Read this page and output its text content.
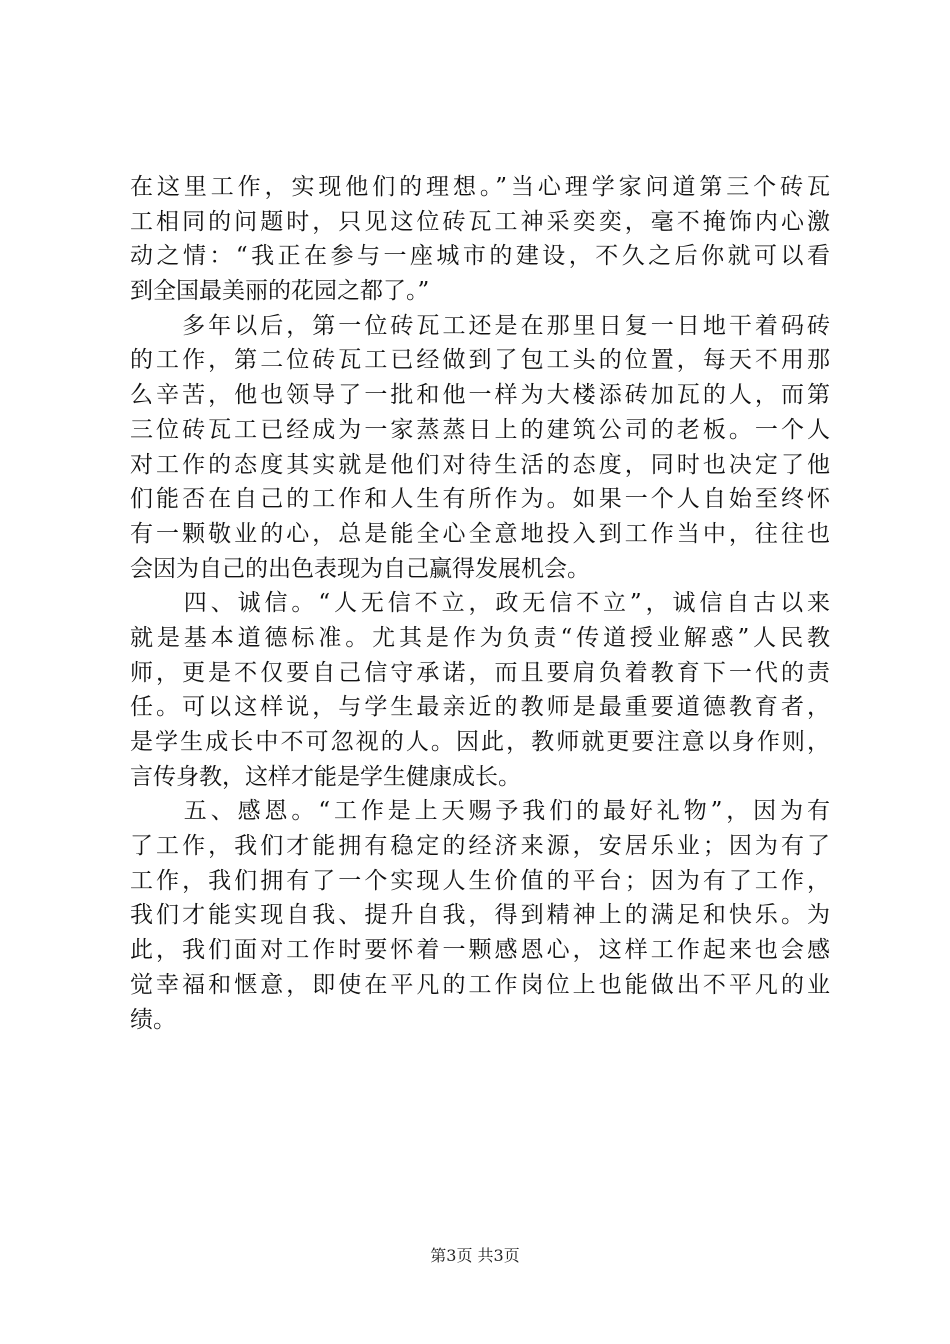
在这里工作，实现他们的理想。”当心理学家问道第三个砖瓦
工相同的问题时，只见这位砖瓦工神采奕奕，毫不掩饰内心激
动之情：“我正在参与一座城市的建设，不久之后你就可以看
到全国最美丽的花园之都了。”
　　多年以后，第一位砖瓦工还是在那里日复一日地干着码砖
的工作，第二位砖瓦工已经做到了包工头的位置，每天不用那
么辛苦，他也领导了一批和他一样为大楼添砖加瓦的人，而第
三位砖瓦工已经成为一家蒸蒸日上的建筑公司的老板。一个人
对工作的态度其实就是他们对待生活的态度，同时也决定了他
们能否在自己的工作和人生有所作为。如果一个人自始至终怀
有一颗敬业的心，总是能全心全意地投入到工作当中，往往也
会因为自己的出色表现为自己赢得发展机会。
　　四、诚信。“人无信不立，政无信不立”，诚信自古以来
就是基本道德标准。尤其是作为负责“传道授业解惑”人民教
师，更是不仅要自己信守承诺，而且要肩负着教育下一代的责
任。可以这样说，与学生最亲近的教师是最重要道德教育者，
是学生成长中不可忽视的人。因此，教师就更要注意以身作则，
言传身教，这样才能是学生健康成长。
　　五、感恩。“工作是上天赐予我们的最好礼物”，因为有
了工作，我们才能拥有稳定的经济来源，安居乐业；因为有了
工作，我们拥有了一个实现人生价值的平台；因为有了工作，
我们才能实现自我、提升自我，得到精神上的满足和快乐。为
此，我们面对工作时要怀着一颗感恩心，这样工作起来也会感
觉幸福和惬意，即使在平凡的工作岗位上也能做出不平凡的业
绩。
第3页 共3页
